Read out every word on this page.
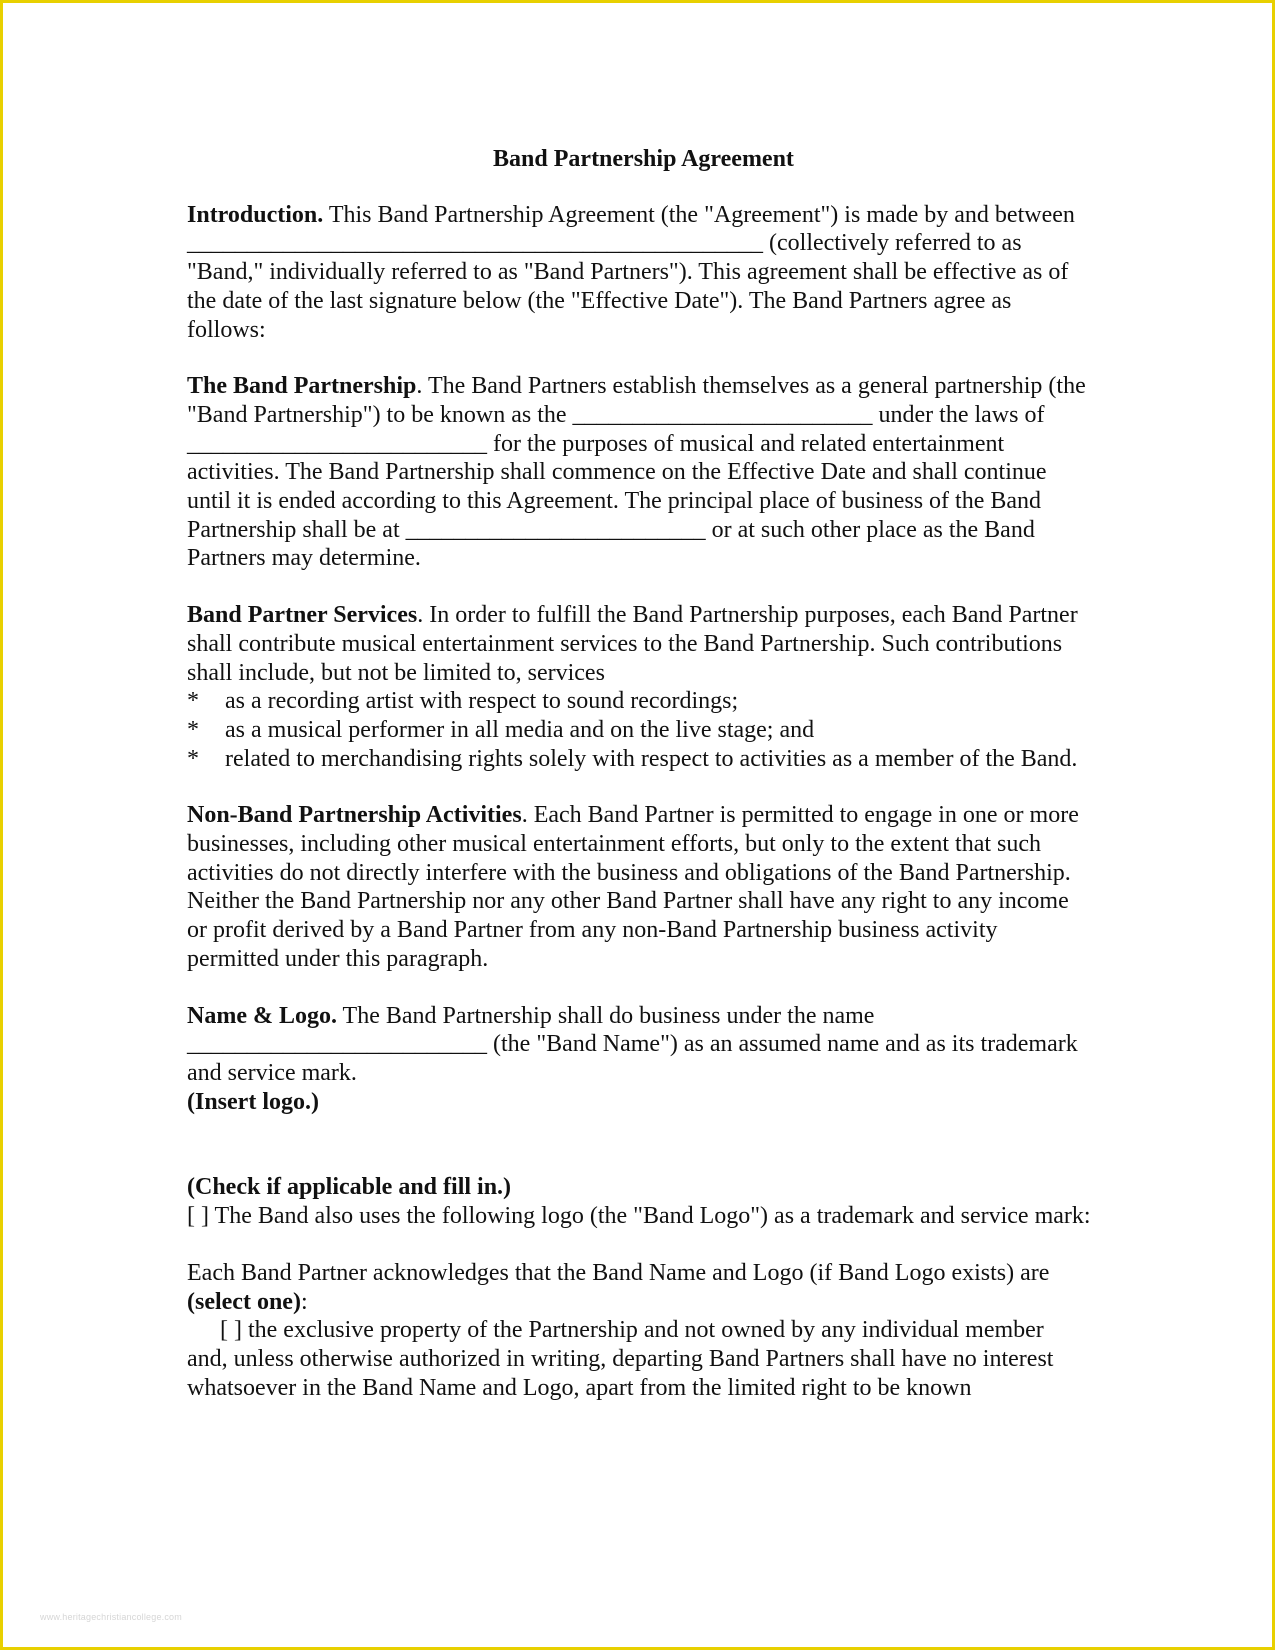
Band Partnership Agreement

Introduction. This Band Partnership Agreement (the "Agreement") is made by and between ________________________________________________ (collectively referred to as "Band," individually referred to as "Band Partners"). This agreement shall be effective as of the date of the last signature below (the "Effective Date"). The Band Partners agree as follows:

The Band Partnership. The Band Partners establish themselves as a general partnership (the "Band Partnership") to be known as the _________________________ under the laws of _________________________ for the purposes of musical and related entertainment activities. The Band Partnership shall commence on the Effective Date and shall continue until it is ended according to this Agreement. The principal place of business of the Band Partnership shall be at _________________________ or at such other place as the Band Partners may determine.

Band Partner Services. In order to fulfill the Band Partnership purposes, each Band Partner shall contribute musical entertainment services to the Band Partnership. Such contributions shall include, but not be limited to, services

* as a recording artist with respect to sound recordings;
* as a musical performer in all media and on the live stage; and
* related to merchandising rights solely with respect to activities as a member of the Band.

Non-Band Partnership Activities. Each Band Partner is permitted to engage in one or more businesses, including other musical entertainment efforts, but only to the extent that such activities do not directly interfere with the business and obligations of the Band Partnership. Neither the Band Partnership nor any other Band Partner shall have any right to any income or profit derived by a Band Partner from any non-Band Partnership business activity permitted under this paragraph.

Name & Logo. The Band Partnership shall do business under the name _________________________ (the "Band Name") as an assumed name and as its trademark and service mark.

(Insert logo.)
(Check if applicable and fill in.)

[ ] The Band also uses the following logo (the "Band Logo") as a trademark and service mark:

Each Band Partner acknowledges that the Band Name and Logo (if Band Logo exists) are (select one):

[ ] the exclusive property of the Partnership and not owned by any individual member
and, unless otherwise authorized in writing, departing Band Partners shall have no interest whatsoever in the Band Name and Logo, apart from the limited right to be known
www.heritagechristiancollege.com
